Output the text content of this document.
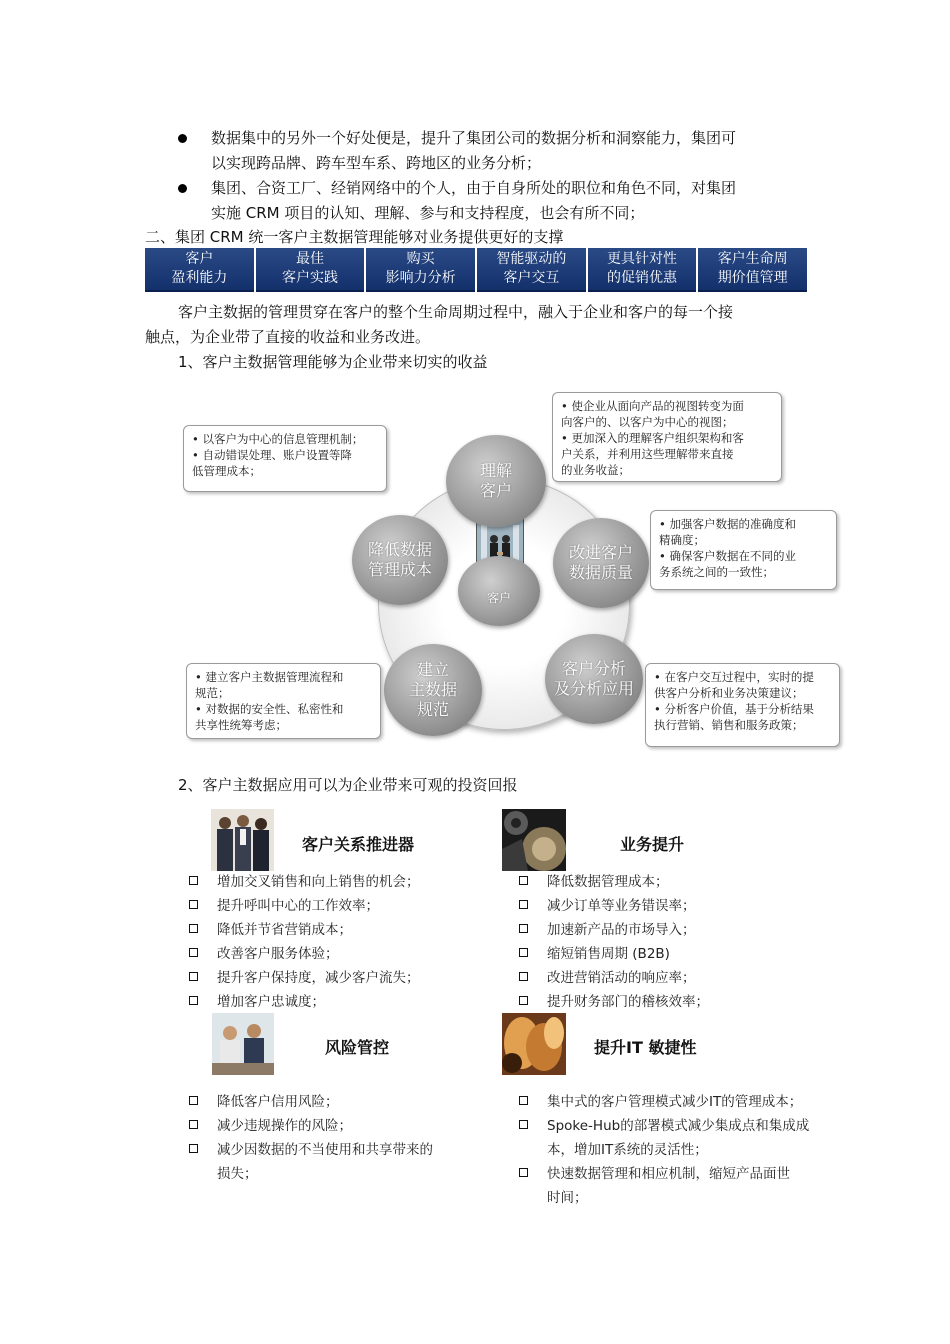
数据集中的另外一个好处便是，提升了集团公司的数据分析和洞察能力，集团可
以实现跨品牌、跨车型车系、跨地区的业务分析；
集团、合资工厂、经销网络中的个人，由于自身所处的职位和角色不同，对集团
实施 CRM 项目的认知、理解、参与和支持程度，也会有所不同；
二、集团 CRM 统一客户主数据管理能够对业务提供更好的支撑
客户
盈利能力
最佳
客户实践
购买
影响力分析
智能驱动的
客户交互
更具针对性
的促销优惠
客户生命周
期价值管理
客户主数据的管理贯穿在客户的整个生命周期过程中，融入于企业和客户的每一个接
触点，为企业带了直接的收益和业务改进。
1、客户主数据管理能够为企业带来切实的收益
客户
理解
客户
改进客户
数据质量
客户分析
及分析应用
建立
主数据
规范
降低数据
管理成本
• 使企业从面向产品的视图转变为面
向客户的、以客户为中心的视图；
• 更加深入的理解客户组织架构和客
户关系，并利用这些理解带来直接
的业务收益；
• 加强客户数据的准确度和
精确度；
• 确保客户数据在不同的业
务系统之间的一致性；
• 在客户交互过程中，实时的提
供客户分析和业务决策建议；
• 分析客户价值，基于分析结果
执行营销、销售和服务政策；
• 建立客户主数据管理流程和
规范；
• 对数据的安全性、私密性和
共享性统筹考虑；
• 以客户为中心的信息管理机制；
• 自动错误处理、账户设置等降
低管理成本；
2、客户主数据应用可以为企业带来可观的投资回报
客户关系推进器
增加交叉销售和向上销售的机会；
提升呼叫中心的工作效率；
降低并节省营销成本；
改善客户服务体验；
提升客户保持度，减少客户流失；
增加客户忠诚度；
业务提升
降低数据管理成本；
减少订单等业务错误率；
加速新产品的市场导入；
缩短销售周期 (B2B)
改进营销活动的响应率；
提升财务部门的稽核效率；
风险管控
降低客户信用风险；
减少违规操作的风险；
减少因数据的不当使用和共享带来的
损失；
提升IT 敏捷性
集中式的客户管理模式减少IT的管理成本；
Spoke-Hub的部署模式减少集成点和集成成
本，增加IT系统的灵活性；
快速数据管理和相应机制，缩短产品面世
时间；
